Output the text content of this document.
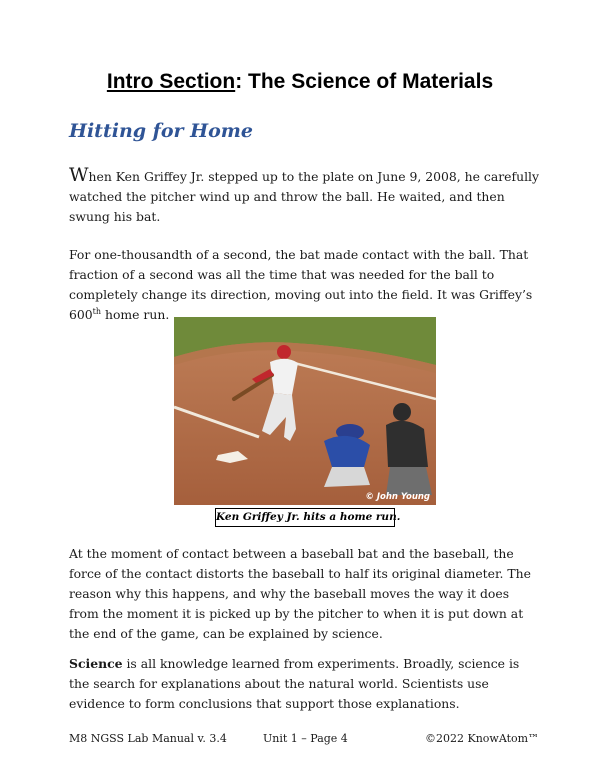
Intro Section: The Science of Materials
Hitting for Home
When Ken Griffey Jr. stepped up to the plate on June 9, 2008, he carefully watched the pitcher wind up and throw the ball. He waited, and then swung his bat.
For one-thousandth of a second, the bat made contact with the ball. That fraction of a second was all the time that was needed for the ball to completely change its direction, moving out into the field. It was Griffey’s 600th home run.
© John Young
Ken Griffey Jr. hits a home run.
At the moment of contact between a baseball bat and the baseball, the force of the contact distorts the baseball to half its original diameter. The reason why this happens, and why the baseball moves the way it does from the moment it is picked up by the pitcher to when it is put down at the end of the game, can be explained by science.
Science is all knowledge learned from experiments. Broadly, science is the search for explanations about the natural world. Scientists use evidence to form conclusions that support those explanations.
M8 NGSS Lab Manual v. 3.4	Unit 1 – Page 4	©2022 KnowAtom™
